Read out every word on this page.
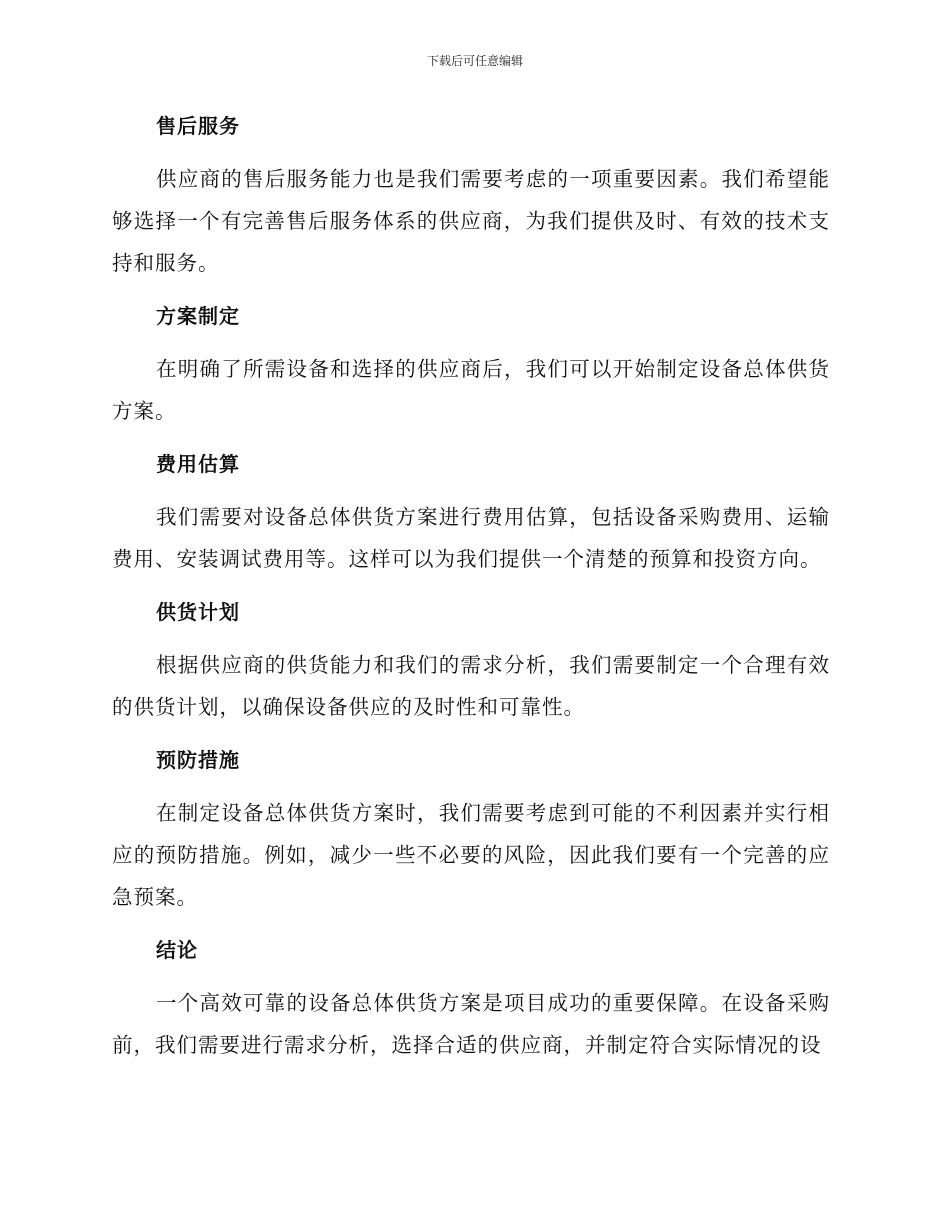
下载后可任意编辑
售后服务

供应商的售后服务能力也是我们需要考虑的一项重要因素。我们希望能够选择一个有完善售后服务体系的供应商，为我们提供及时、有效的技术支持和服务。

方案制定

在明确了所需设备和选择的供应商后，我们可以开始制定设备总体供货方案。

费用估算

我们需要对设备总体供货方案进行费用估算，包括设备采购费用、运输费用、安装调试费用等。这样可以为我们提供一个清楚的预算和投资方向。

供货计划

根据供应商的供货能力和我们的需求分析，我们需要制定一个合理有效的供货计划，以确保设备供应的及时性和可靠性。

预防措施

在制定设备总体供货方案时，我们需要考虑到可能的不利因素并实行相应的预防措施。例如，减少一些不必要的风险，因此我们要有一个完善的应急预案。

结论

一个高效可靠的设备总体供货方案是项目成功的重要保障。在设备采购前，我们需要进行需求分析，选择合适的供应商，并制定符合实际情况的设
